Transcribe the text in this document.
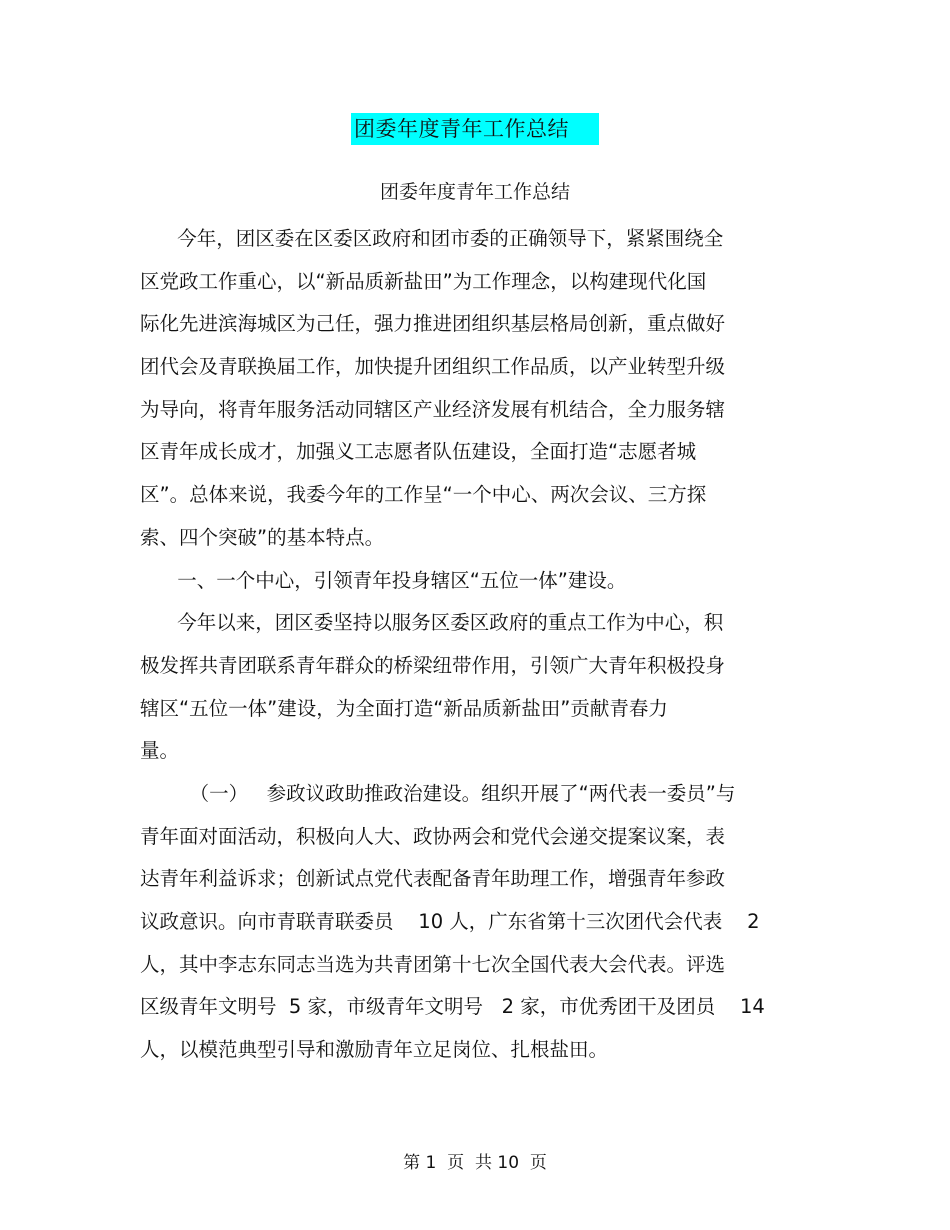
团委年度青年工作总结
团委年度青年工作总结
今年，团区委在区委区政府和团市委的正确领导下，紧紧围绕全
区党政工作重心，以“新品质新盐田”为工作理念，以构建现代化国
际化先进滨海城区为己任，强力推进团组织基层格局创新，重点做好
团代会及青联换届工作，加快提升团组织工作品质，以产业转型升级
为导向，将青年服务活动同辖区产业经济发展有机结合，全力服务辖
区青年成长成才，加强义工志愿者队伍建设，全面打造“志愿者城
区”。总体来说，我委今年的工作呈“一个中心、两次会议、三方探
索、四个突破”的基本特点。
一、一个中心，引领青年投身辖区“五位一体”建设。
今年以来，团区委坚持以服务区委区政府的重点工作为中心，积
极发挥共青团联系青年群众的桥梁纽带作用，引领广大青年积极投身
辖区“五位一体”建设，为全面打造“新品质新盐田”贡献青春力
量。
（一）   参政议政助推政治建设。组织开展了“两代表一委员”与
青年面对面活动，积极向人大、政协两会和党代会递交提案议案，表
达青年利益诉求；创新试点党代表配备青年助理工作，增强青年参政
议政意识。向市青联青联委员    10 人，广东省第十三次团代会代表    2
人，其中李志东同志当选为共青团第十七次全国代表大会代表。评选
区级青年文明号  5 家，市级青年文明号   2 家，市优秀团干及团员    14
人，以模范典型引导和激励青年立足岗位、扎根盐田。
第 1  页  共 10  页
